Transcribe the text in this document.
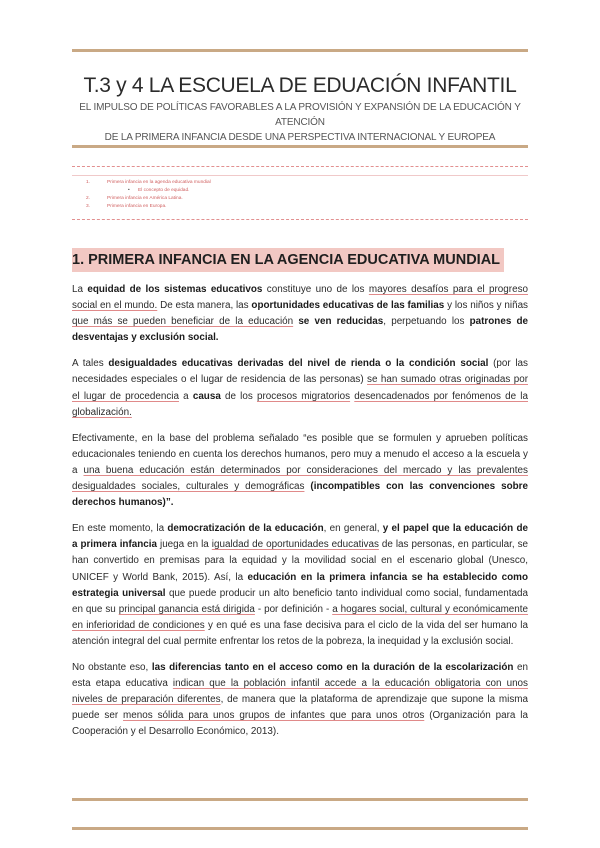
T.3 y 4 LA ESCUELA DE EDUACIÓN INFANTIL
EL IMPULSO DE POLÍTICAS FAVORABLES A LA PROVISIÓN Y EXPANSIÓN DE LA EDUCACIÓN Y ATENCIÓN
DE LA PRIMERA INFANCIA DESDE UNA PERSPECTIVA INTERNACIONAL Y EUROPEA
1.	Primera infancia en la agenda educativa mundial
• El concepto de equidad.
2.	Primera infancia en América Latina.
3.	Primera infancia en Europa.
1. PRIMERA INFANCIA EN LA AGENCIA EDUCATIVA MUNDIAL

La equidad de los sistemas educativos constituye uno de los mayores desafíos para el progreso social en el mundo. De esta manera, las oportunidades educativas de las familias y los niños y niñas que más se pueden beneficiar de la educación se ven reducidas, perpetuando los patrones de desventajas y exclusión social.

A tales desigualdades educativas derivadas del nivel de rienda o la condición social (por las necesidades especiales o el lugar de residencia de las personas) se han sumado otras originadas por el lugar de procedencia a causa de los procesos migratorios desencadenados por fenómenos de la globalización.

Efectivamente, en la base del problema señalado “es posible que se formulen y aprueben políticas educacionales teniendo en cuenta los derechos humanos, pero muy a menudo el acceso a la escuela y a una buena educación están determinados por consideraciones del mercado y las prevalentes desigualdades sociales, culturales y demográficas (incompatibles con las convenciones sobre derechos humanos)”.

En este momento, la democratización de la educación, en general, y el papel que la educación de a primera infancia juega en la igualdad de oportunidades educativas de las personas, en particular, se han convertido en premisas para la equidad y la movilidad social en el escenario global (Unesco, UNICEF y World Bank, 2015). Así, la educación en la primera infancia se ha establecido como estrategia universal que puede producir un alto beneficio tanto individual como social, fundamentada en que su principal ganancia está dirigida - por definición - a hogares social, cultural y económicamente en inferioridad de condiciones y en qué es una fase decisiva para el ciclo de la vida del ser humano la atención integral del cual permite enfrentar los retos de la pobreza, la inequidad y la exclusión social.

No obstante eso, las diferencias tanto en el acceso como en la duración de la escolarización en esta etapa educativa indican que la población infantil accede a la educación obligatoria con unos niveles de preparación diferentes, de manera que la plataforma de aprendizaje que supone la misma puede ser menos sólida para unos grupos de infantes que para unos otros (Organización para la Cooperación y el Desarrollo Económico, 2013).
